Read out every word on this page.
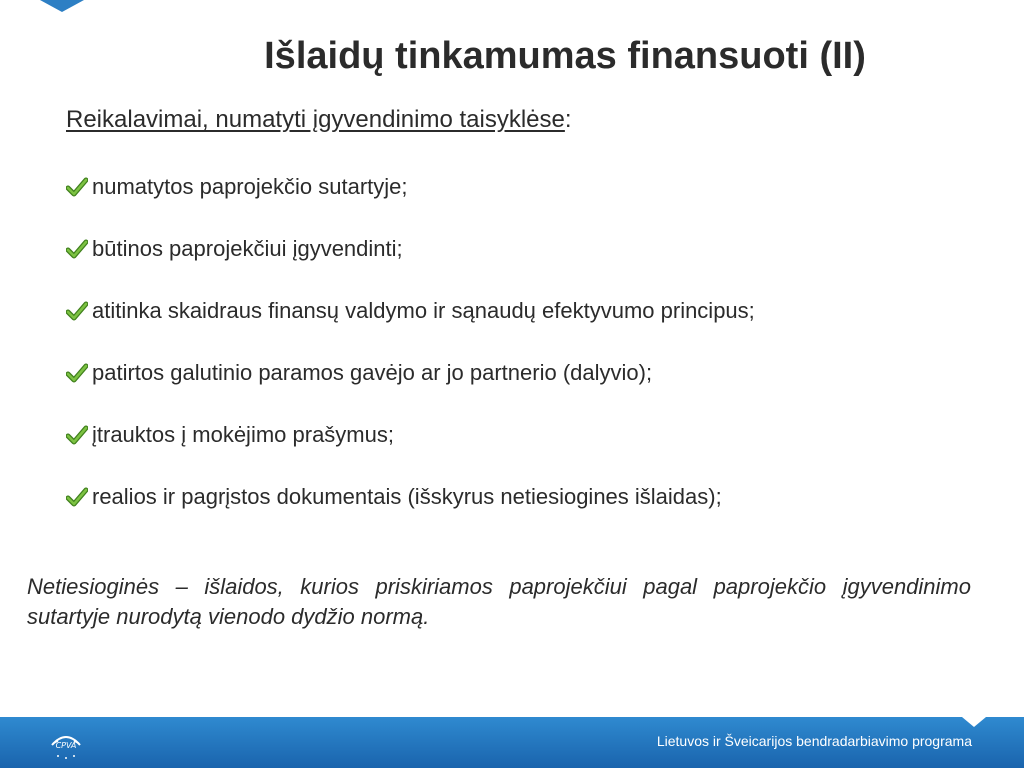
Išlaidų tinkamumas finansuoti (II)
Reikalavimai, numatyti įgyvendinimo taisyklėse:
numatytos paprojekčio sutartyje;
būtinos paprojekčiui įgyvendinti;
atitinka skaidraus finansų valdymo ir sąnaudų efektyvumo principus;
patirtos galutinio paramos gavėjo ar jo partnerio (dalyvio);
įtrauktos į mokėjimo prašymus;
realios ir pagrįstos dokumentais (išskyrus netiesiogines išlaidas);

Netiesioginės – išlaidos, kurios priskiriamos paprojekčiui pagal paprojekčio įgyvendinimo sutartyje nurodytą vienodo dydžio normą.

CPVA	Lietuvos ir Šveicarijos bendradarbiavimo programa
